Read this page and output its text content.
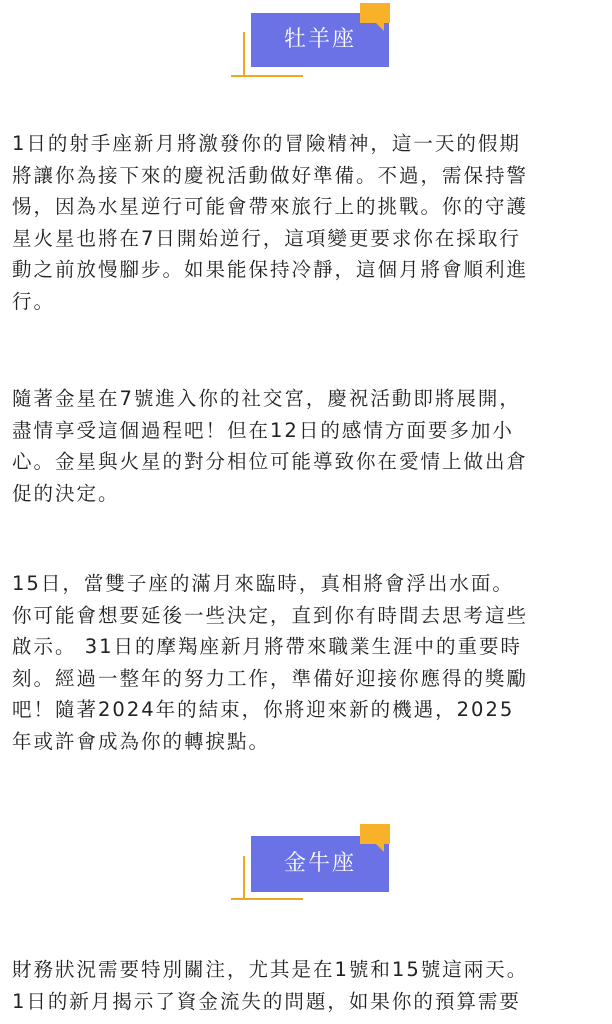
牡羊座
1日的射手座新月將激發你的冒險精神，這一天的假期
將讓你為接下來的慶祝活動做好準備。不過，需保持警
惕，因為水星逆行可能會帶來旅行上的挑戰。你的守護
星火星也將在7日開始逆行，這項變更要求你在採取行
動之前放慢腳步。如果能保持冷靜，這個月將會順利進
行。
隨著金星在7號進入你的社交宮，慶祝活動即將展開，
盡情享受這個過程吧！但在12日的感情方面要多加小
心。金星與火星的對分相位可能導致你在愛情上做出倉
促的決定。
15日，當雙子座的滿月來臨時，真相將會浮出水面。
你可能會想要延後一些決定，直到你有時間去思考這些
啟示。 31日的摩羯座新月將帶來職業生涯中的重要時
刻。經過一整年的努力工作，準備好迎接你應得的獎勵
吧！隨著2024年的結束，你將迎來新的機遇，2025
年或許會成為你的轉捩點。
金牛座
財務狀況需要特別關注，尤其是在1號和15號這兩天。
1日的新月揭示了資金流失的問題，如果你的預算需要
